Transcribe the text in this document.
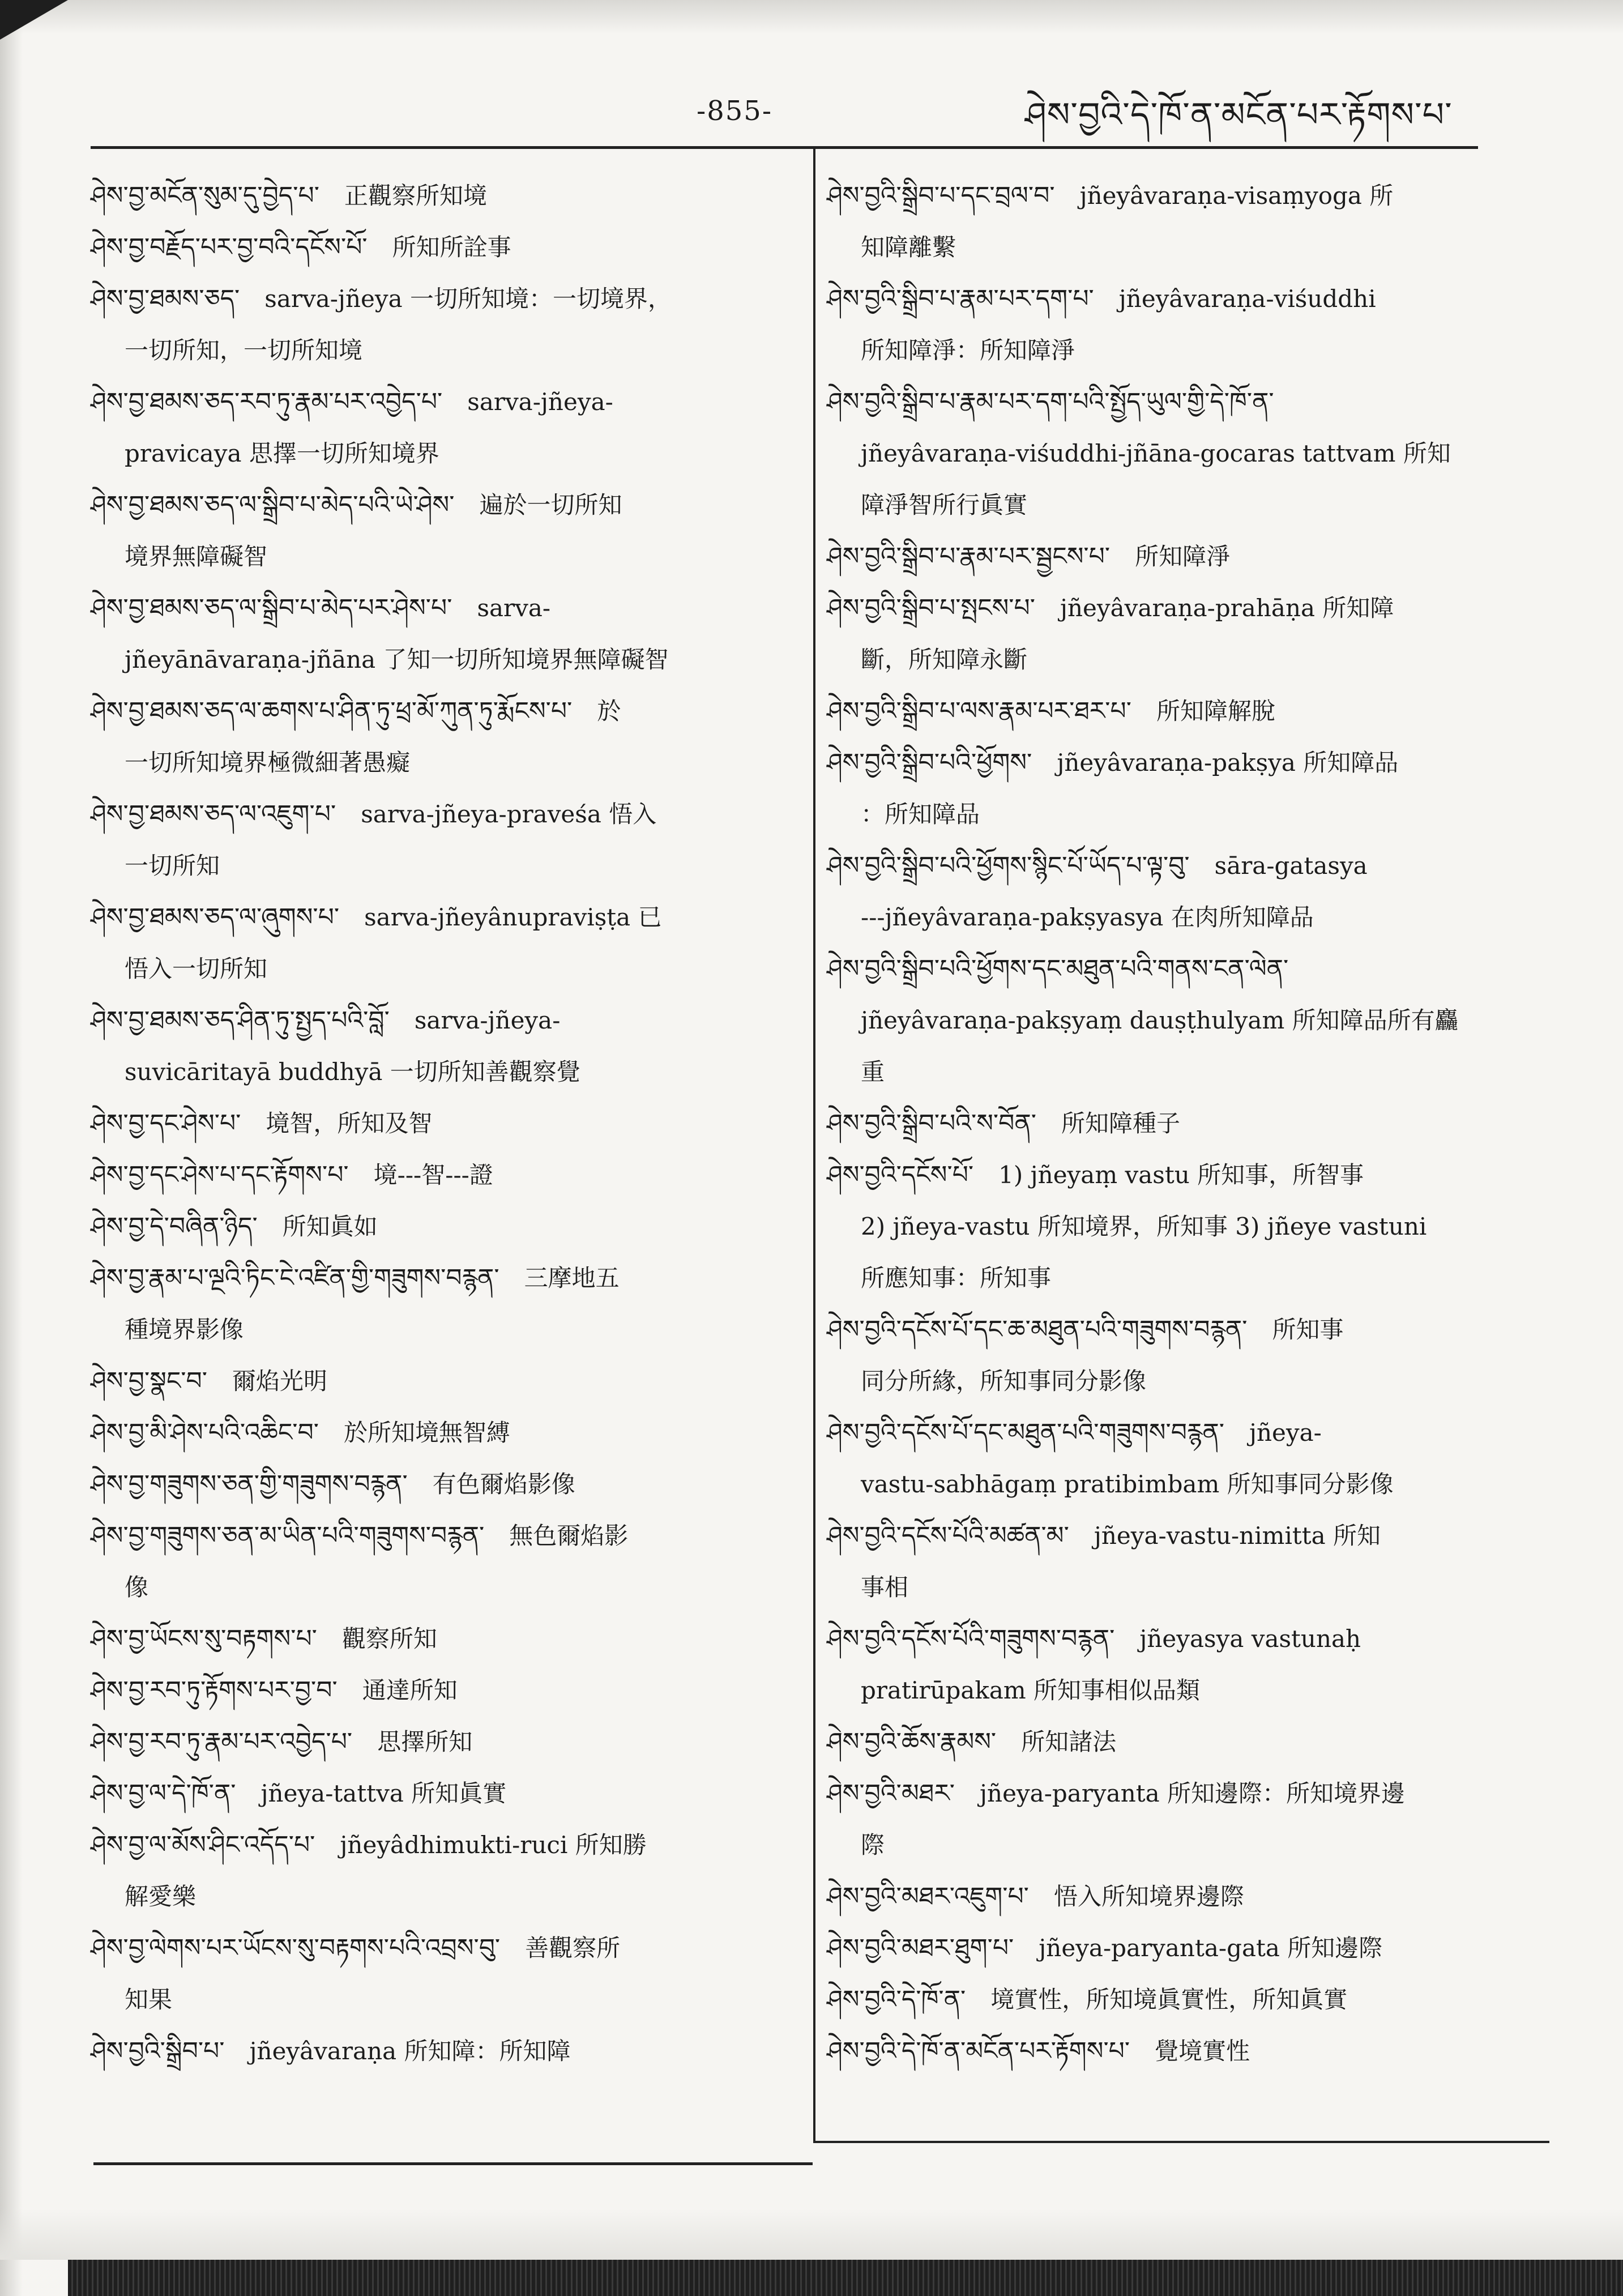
-855-	ཤེས་བྱའི་དེ་ཁོ་ན་མངོན་པར་རྟོགས་པ་
ཤེས་བྱ་མངོན་སུམ་དུ་བྱེད་པ་ 正觀察所知境
ཤེས་བྱ་བརྗོད་པར་བྱ་བའི་དངོས་པོ་ 所知所詮事
ཤེས་བྱ་ཐམས་ཅད་ sarva-jñeya 一切所知境：一切境界，
一切所知，一切所知境
ཤེས་བྱ་ཐམས་ཅད་རབ་ཏུ་རྣམ་པར་འབྱེད་པ་ sarva-jñeya-
pravicaya 思擇一切所知境界
ཤེས་བྱ་ཐམས་ཅད་ལ་སྒྲིབ་པ་མེད་པའི་ཡེ་ཤེས་ 遍於一切所知
境界無障礙智
ཤེས་བྱ་ཐམས་ཅད་ལ་སྒྲིབ་པ་མེད་པར་ཤེས་པ་ sarva-
jñeyānāvaraṇa-jñāna 了知一切所知境界無障礙智
ཤེས་བྱ་ཐམས་ཅད་ལ་ཆགས་པ་ཤིན་ཏུ་ཕྲ་མོ་ཀུན་ཏུ་རྨོངས་པ་ 於
一切所知境界極微細著愚癡
ཤེས་བྱ་ཐམས་ཅད་ལ་འཇུག་པ་ sarva-jñeya-praveśa 悟入
一切所知
ཤེས་བྱ་ཐམས་ཅད་ལ་ཞུགས་པ་ sarva-jñeyânupraviṣṭa 已
悟入一切所知
ཤེས་བྱ་ཐམས་ཅད་ཤིན་ཏུ་སྤྱད་པའི་བློ་ sarva-jñeya-
suvicāritayā buddhyā 一切所知善觀察覺
ཤེས་བྱ་དང་ཤེས་པ་ 境智，所知及智
ཤེས་བྱ་དང་ཤེས་པ་དང་རྟོགས་པ་ 境---智---證
ཤེས་བྱ་དེ་བཞིན་ཉིད་ 所知眞如
ཤེས་བྱ་རྣམ་པ་ལྔའི་ཏིང་ངེ་འཛིན་གྱི་གཟུགས་བརྙན་ 三摩地五
種境界影像
ཤེས་བྱ་སྣང་བ་ 爾焰光明
ཤེས་བྱ་མི་ཤེས་པའི་འཆིང་བ་ 於所知境無智縛
ཤེས་བྱ་གཟུགས་ཅན་གྱི་གཟུགས་བརྙན་ 有色爾焰影像
ཤེས་བྱ་གཟུགས་ཅན་མ་ཡིན་པའི་གཟུགས་བརྙན་ 無色爾焰影
像
ཤེས་བྱ་ཡོངས་སུ་བརྟགས་པ་ 觀察所知
ཤེས་བྱ་རབ་ཏུ་རྟོགས་པར་བྱ་བ་ 通達所知
ཤེས་བྱ་རབ་ཏུ་རྣམ་པར་འབྱེད་པ་ 思擇所知
ཤེས་བྱ་ལ་དེ་ཁོ་ན་ jñeya-tattva 所知眞實
ཤེས་བྱ་ལ་མོས་ཤིང་འདོད་པ་ jñeyâdhimukti-ruci 所知勝
解愛樂
ཤེས་བྱ་ལེགས་པར་ཡོངས་སུ་བརྟགས་པའི་འབྲས་བུ་ 善觀察所
知果
ཤེས་བྱའི་སྒྲིབ་པ་ jñeyâvaraṇa 所知障：所知障
ཤེས་བྱའི་སྒྲིབ་པ་དང་བྲལ་བ་ jñeyâvaraṇa-visaṃyoga 所
知障離繫
ཤེས་བྱའི་སྒྲིབ་པ་རྣམ་པར་དག་པ་ jñeyâvaraṇa-viśuddhi
所知障淨：所知障淨
ཤེས་བྱའི་སྒྲིབ་པ་རྣམ་པར་དག་པའི་སྤྱོད་ཡུལ་གྱི་དེ་ཁོ་ན་
jñeyâvaraṇa-viśuddhi-jñāna-gocaras tattvam 所知
障淨智所行眞實
ཤེས་བྱའི་སྒྲིབ་པ་རྣམ་པར་སྦྱངས་པ་ 所知障淨
ཤེས་བྱའི་སྒྲིབ་པ་སྤངས་པ་ jñeyâvaraṇa-prahāṇa 所知障
斷，所知障永斷
ཤེས་བྱའི་སྒྲིབ་པ་ལས་རྣམ་པར་ཐར་པ་ 所知障解脫
ཤེས་བྱའི་སྒྲིབ་པའི་ཕྱོགས་ jñeyâvaraṇa-pakṣya 所知障品
：所知障品
ཤེས་བྱའི་སྒྲིབ་པའི་ཕྱོགས་སྙིང་པོ་ཡོད་པ་ལྟ་བུ་ sāra-gatasya
---jñeyâvaraṇa-pakṣyasya 在肉所知障品
ཤེས་བྱའི་སྒྲིབ་པའི་ཕྱོགས་དང་མཐུན་པའི་གནས་ངན་ལེན་
jñeyâvaraṇa-pakṣyaṃ dauṣṭhulyam 所知障品所有麤
重
ཤེས་བྱའི་སྒྲིབ་པའི་ས་བོན་ 所知障種子
ཤེས་བྱའི་དངོས་པོ་ 1) jñeyaṃ vastu 所知事，所智事
2) jñeya-vastu 所知境界，所知事 3) jñeye vastuni
所應知事：所知事
ཤེས་བྱའི་དངོས་པོ་དང་ཆ་མཐུན་པའི་གཟུགས་བརྙན་ 所知事
同分所緣，所知事同分影像
ཤེས་བྱའི་དངོས་པོ་དང་མཐུན་པའི་གཟུགས་བརྙན་ jñeya-
vastu-sabhāgaṃ pratibimbam 所知事同分影像
ཤེས་བྱའི་དངོས་པོའི་མཚན་མ་ jñeya-vastu-nimitta 所知
事相
ཤེས་བྱའི་དངོས་པོའི་གཟུགས་བརྙན་ jñeyasya vastunaḥ
pratirūpakam 所知事相似品類
ཤེས་བྱའི་ཆོས་རྣམས་ 所知諸法
ཤེས་བྱའི་མཐར་ jñeya-paryanta 所知邊際：所知境界邊
際
ཤེས་བྱའི་མཐར་འཇུག་པ་ 悟入所知境界邊際
ཤེས་བྱའི་མཐར་ཐུག་པ་ jñeya-paryanta-gata 所知邊際
ཤེས་བྱའི་དེ་ཁོ་ན་ 境實性，所知境眞實性，所知眞實
ཤེས་བྱའི་དེ་ཁོ་ན་མངོན་པར་རྟོགས་པ་ 覺境實性
